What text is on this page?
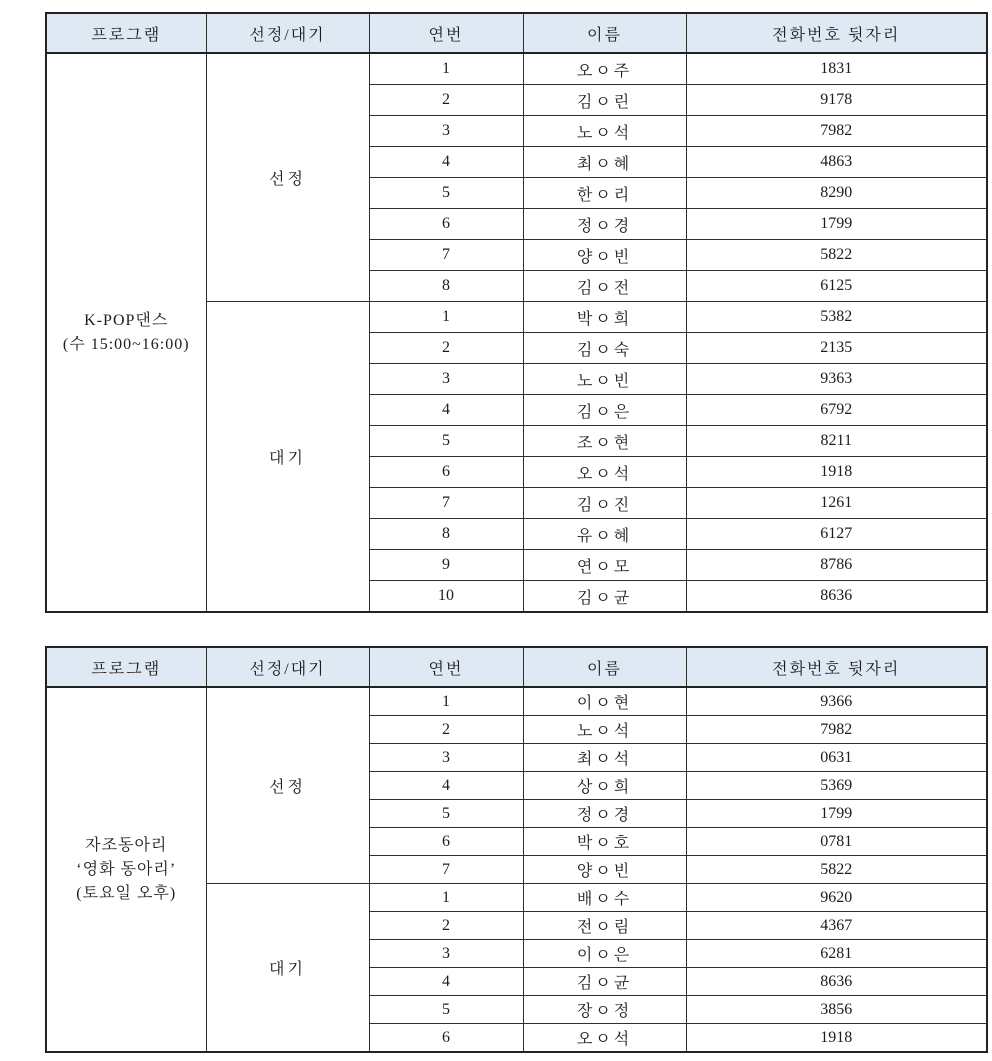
프로그램	선정/대기	연번	이름	전화번호 뒷자리

K-POP댄스
(수 15:00~16:00)	선정	1	오ㅇ주	1831
		2	김ㅇ린	9178
		3	노ㅇ석	7982
		4	최ㅇ혜	4863
		5	한ㅇ리	8290
		6	정ㅇ경	1799
		7	양ㅇ빈	5822
		8	김ㅇ전	6125
	대기	1	박ㅇ희	5382
		2	김ㅇ숙	2135
		3	노ㅇ빈	9363
		4	김ㅇ은	6792
		5	조ㅇ현	8211
		6	오ㅇ석	1918
		7	김ㅇ진	1261
		8	유ㅇ혜	6127
		9	연ㅇ모	8786
		10	김ㅇ균	8636
프로그램	선정/대기	연번	이름	전화번호 뒷자리

자조동아리
‘영화 동아리’
(토요일 오후)	선정	1	이ㅇ현	9366
		2	노ㅇ석	7982
		3	최ㅇ석	0631
		4	상ㅇ희	5369
		5	정ㅇ경	1799
		6	박ㅇ호	0781
		7	양ㅇ빈	5822
	대기	1	배ㅇ수	9620
		2	전ㅇ림	4367
		3	이ㅇ은	6281
		4	김ㅇ균	8636
		5	장ㅇ정	3856
		6	오ㅇ석	1918
